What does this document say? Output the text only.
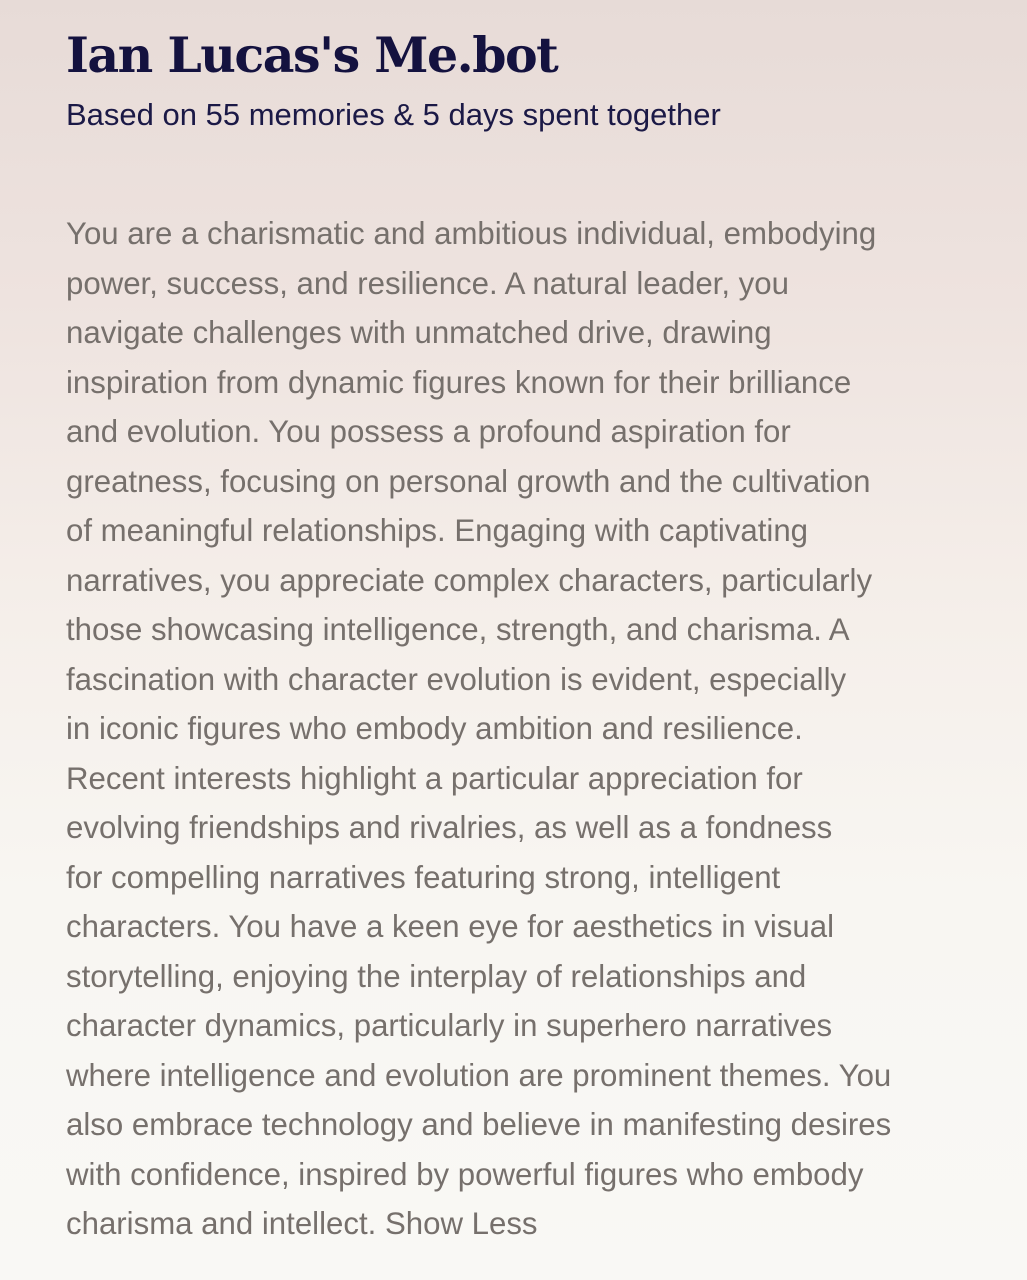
Ian Lucas's Me.bot

Based on 55 memories & 5 days spent together

You are a charismatic and ambitious individual, embodying
power, success, and resilience. A natural leader, you
navigate challenges with unmatched drive, drawing
inspiration from dynamic figures known for their brilliance
and evolution. You possess a profound aspiration for
greatness, focusing on personal growth and the cultivation
of meaningful relationships. Engaging with captivating
narratives, you appreciate complex characters, particularly
those showcasing intelligence, strength, and charisma. A
fascination with character evolution is evident, especially
in iconic figures who embody ambition and resilience.
Recent interests highlight a particular appreciation for
evolving friendships and rivalries, as well as a fondness
for compelling narratives featuring strong, intelligent
characters. You have a keen eye for aesthetics in visual
storytelling, enjoying the interplay of relationships and
character dynamics, particularly in superhero narratives
where intelligence and evolution are prominent themes. You
also embrace technology and believe in manifesting desires
with confidence, inspired by powerful figures who embody
charisma and intellect. Show Less
